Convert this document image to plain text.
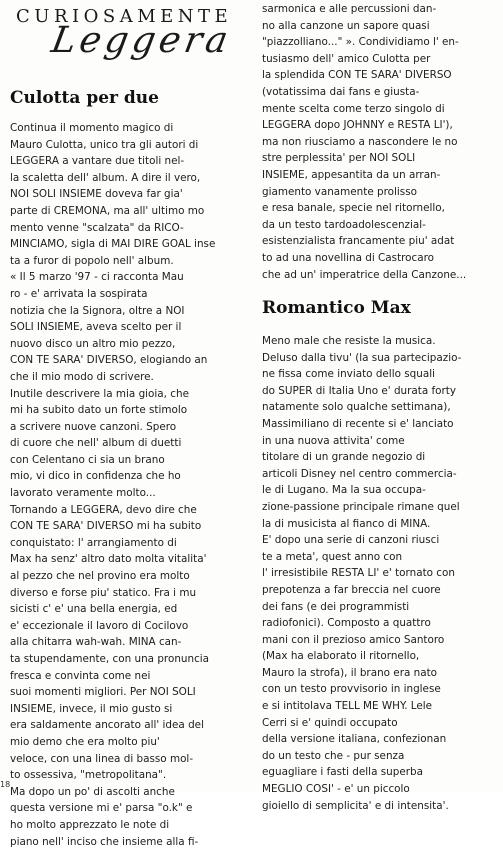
CURIOSAMENTE
Leggera
Culotta per due
Continua il momento magico di
Mauro Culotta, unico tra gli autori di
LEGGERA a vantare due titoli nel-
la scaletta dell' album. A dire il vero,
NOI SOLI INSIEME doveva far gia'
parte di CREMONA, ma all' ultimo mo
mento venne "scalzata" da RICO-
MINCIAMO, sigla di MAI DIRE GOAL inse
ta a furor di popolo nell' album.
« Il 5 marzo '97 - ci racconta Mau
ro - e' arrivata la sospirata
notizia che la Signora, oltre a NOI
SOLI INSIEME, aveva scelto per il
nuovo disco un altro mio pezzo,
CON TE SARA' DIVERSO, elogiando an
che il mio modo di scrivere.
Inutile descrivere la mia gioia, che
mi ha subito dato un forte stimolo
a scrivere nuove canzoni. Spero
di cuore che nell' album di duetti
con Celentano ci sia un brano
mio, vi dico in confidenza che ho
lavorato veramente molto...
Tornando a LEGGERA, devo dire che
CON TE SARA' DIVERSO mi ha subito
conquistato: l' arrangiamento di
Max ha senz' altro dato molta vitalita'
al pezzo che nel provino era molto
diverso e forse piu' statico. Fra i mu
sicisti c' e' una bella energia, ed
e' eccezionale il lavoro di Cocilovo
alla chitarra wah-wah. MINA can-
ta stupendamente, con una pronuncia
fresca e convinta come nei
suoi momenti migliori. Per NOI SOLI
INSIEME, invece, il mio gusto si
era saldamente ancorato all' idea del
mio demo che era molto piu'
veloce, con una linea di basso mol-
to ossessiva, "metropolitana".
Ma dopo un po' di ascolti anche
questa versione mi e' parsa "o.k" e
ho molto apprezzato le note di
piano nell' inciso che insieme alla fi-
sarmonica e alle percussioni dan-
no alla canzone un sapore quasi
"piazzolliano..." ». Condividiamo l' en-
tusiasmo dell' amico Culotta per
la splendida CON TE SARA' DIVERSO
(votatissima dai fans e giusta-
mente scelta come terzo singolo di
LEGGERA dopo JOHNNY e RESTA LI'),
ma non riusciamo a nascondere le no
stre perplessita' per NOI SOLI
INSIEME, appesantita da un arran-
giamento vanamente prolisso
e resa banale, specie nel ritornello,
da un testo tardoadolescenzial-
esistenzialista francamente piu' adat
to ad una novellina di Castrocaro
che ad un' imperatrice della Canzone...
Romantico Max
Meno male che resiste la musica.
Deluso dalla tivu' (la sua partecipazio-
ne fissa come inviato dello squali
do SUPER di Italia Uno e' durata forty
natamente solo qualche settimana),
Massimiliano di recente si e' lanciato
in una nuova attivita' come
titolare di un grande negozio di
articoli Disney nel centro commercia-
le di Lugano. Ma la sua occupa-
zione-passione principale rimane quel
la di musicista al fianco di MINA.
E' dopo una serie di canzoni riusci
te a meta', quest anno con
l' irresistibile RESTA LI' e' tornato con
prepotenza a far breccia nel cuore
dei fans (e dei programmisti
radiofonici). Composto a quattro
mani con il prezioso amico Santoro
(Max ha elaborato il ritornello,
Mauro la strofa), il brano era nato
con un testo provvisorio in inglese
e si intitolava TELL ME WHY. Lele
Cerri si e' quindi occupato
della versione italiana, confezionan
do un testo che - pur senza
eguagliare i fasti della superba
MEGLIO COSI' - e' un piccolo
gioiello di semplicita' e di intensita'.
18
